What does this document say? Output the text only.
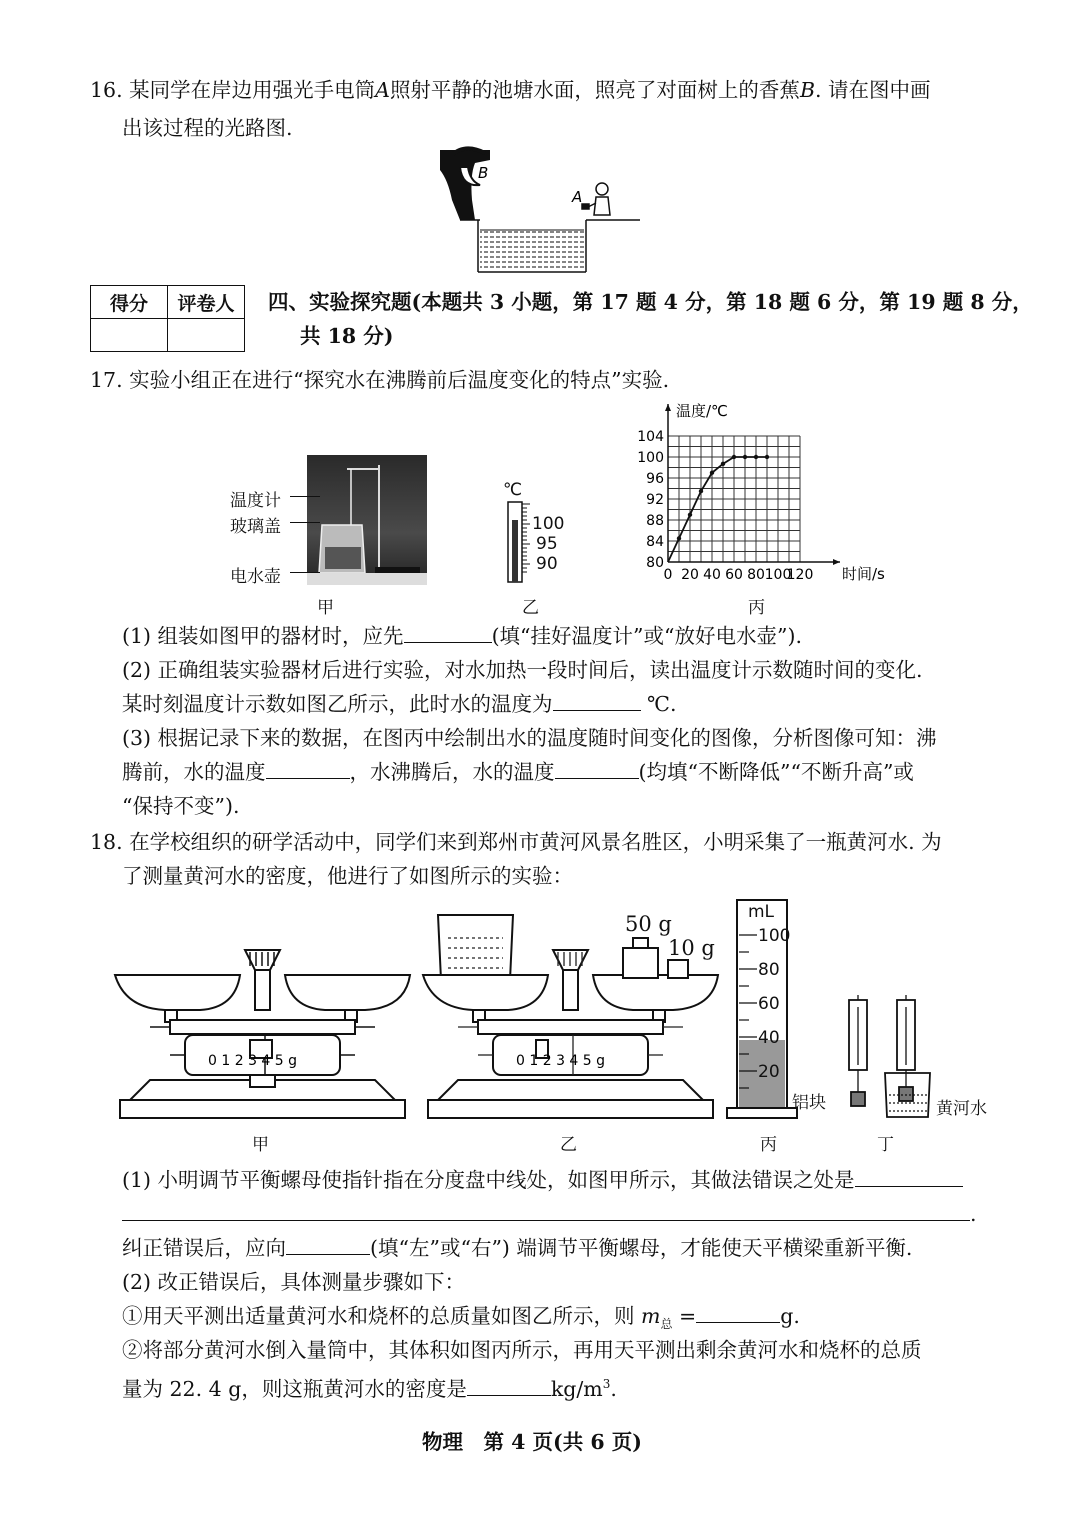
16. 某同学在岸边用强光手电筒A照射平静的池塘水面，照亮了对面树上的香蕉B. 请在图中画
出该过程的光路图.
B
A
得分	评卷人
	四、实验探究题(本题共 3 小题，第 17 题 4 分，第 18 题 6 分，第 19 题 8 分，
共 18 分)
17. 实验小组正在进行“探究水在沸腾前后温度变化的特点”实验.
温度计
玻璃盖
电水壶
℃
100
95
90
0 20 40 60 80 100
120
80
84
88
92
96
100
104
温度/℃
时间/s
甲	乙	丙
(1) 组装如图甲的器材时，应先	(填“挂好温度计”或“放好电水壶”).
(2) 正确组装实验器材后进行实验，对水加热一段时间后，读出温度计示数随时间的变化.
某时刻温度计示数如图乙所示，此时水的温度为	℃.
(3) 根据记录下来的数据，在图丙中绘制出水的温度随时间变化的图像，分析图像可知：沸
腾前，水的温度	，水沸腾后，水的温度	(均填“不断降低”“不断升高”或
“保持不变”).
18. 在学校组织的研学活动中，同学们来到郑州市黄河风景名胜区，小明采集了一瓶黄河水. 为
了测量黄河水的密度，他进行了如图所示的实验：
0 1 2 3 4 5 g	0 1 2 3 4 5 g
50 g
10 g
mL
100
80
60
40
20
铝块	黄河水
甲	乙	丙	丁
(1) 小明调节平衡螺母使指针指在分度盘中线处，如图甲所示，其做法错误之处是
.
纠正错误后，应向	(填“左”或“右”) 端调节平衡螺母，才能使天平横梁重新平衡.
(2) 改正错误后，具体测量步骤如下：
①用天平测出适量黄河水和烧杯的总质量如图乙所示，则 $m_总$ =	g.
②将部分黄河水倒入量筒中，其体积如图丙所示，再用天平测出剩余黄河水和烧杯的总质
量为 22. 4 g，则这瓶黄河水的密度是	$kg/m^3$.
物理　第 4 页(共 6 页)
